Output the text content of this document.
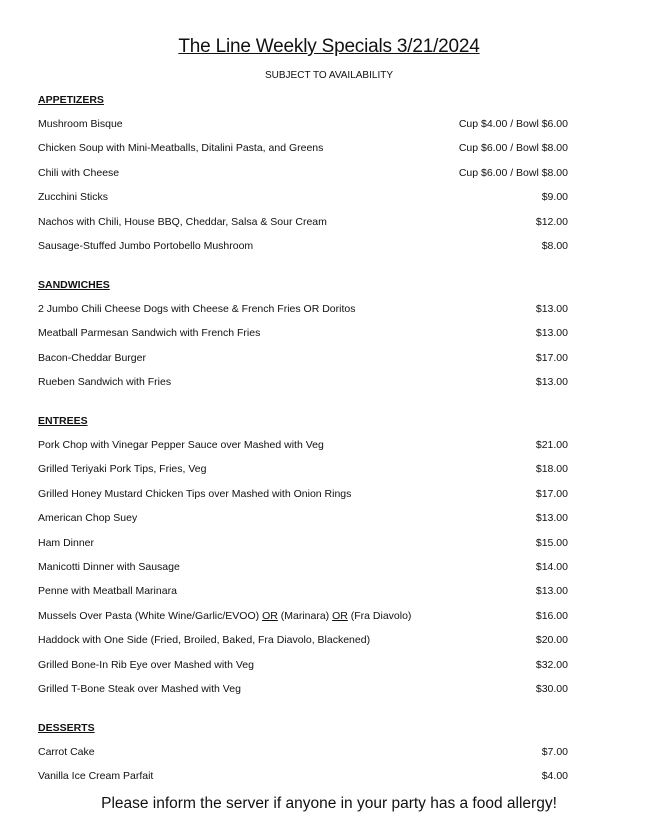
The Line Weekly Specials 3/21/2024
SUBJECT TO AVAILABILITY
APPETIZERS
Mushroom Bisque	Cup $4.00 / Bowl $6.00
Chicken Soup with Mini-Meatballs, Ditalini Pasta, and Greens	Cup $6.00 / Bowl $8.00
Chili with Cheese	Cup $6.00 / Bowl $8.00
Zucchini Sticks	$9.00
Nachos with Chili, House BBQ, Cheddar, Salsa & Sour Cream	$12.00
Sausage-Stuffed Jumbo Portobello Mushroom	$8.00
SANDWICHES
2 Jumbo Chili Cheese Dogs with Cheese & French Fries OR Doritos	$13.00
Meatball Parmesan Sandwich with French Fries	$13.00
Bacon-Cheddar Burger	$17.00
Rueben Sandwich with Fries	$13.00
ENTREES
Pork Chop with Vinegar Pepper Sauce over Mashed with Veg	$21.00
Grilled Teriyaki Pork Tips, Fries, Veg	$18.00
Grilled Honey Mustard Chicken Tips over Mashed with Onion Rings	$17.00
American Chop Suey	$13.00
Ham Dinner	$15.00
Manicotti Dinner with Sausage	$14.00
Penne with Meatball Marinara	$13.00
Mussels Over Pasta (White Wine/Garlic/EVOO) OR (Marinara) OR (Fra Diavolo)	$16.00
Haddock with One Side (Fried, Broiled, Baked, Fra Diavolo, Blackened)	$20.00
Grilled Bone-In Rib Eye over Mashed with Veg	$32.00
Grilled T-Bone Steak over Mashed with Veg	$30.00
DESSERTS
Carrot Cake	$7.00
Vanilla Ice Cream Parfait	$4.00
Please inform the server if anyone in your party has a food allergy!
